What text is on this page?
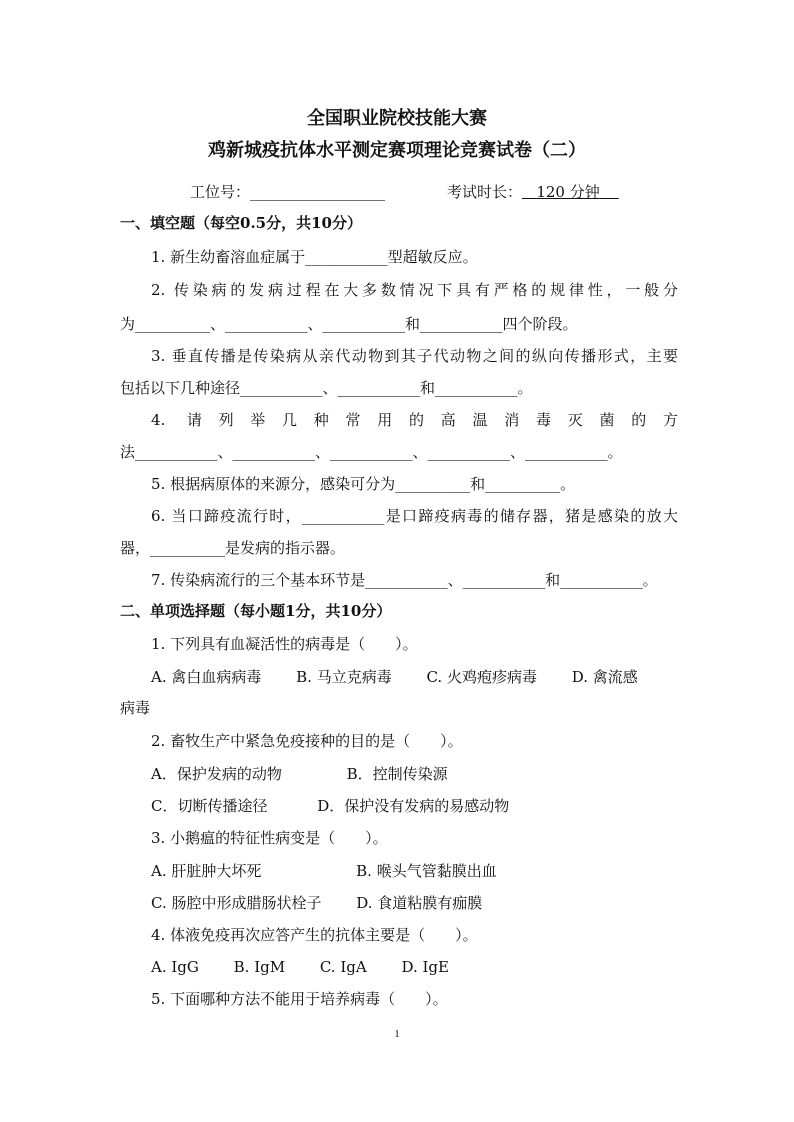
全国职业院校技能大赛
鸡新城疫抗体水平测定赛项理论竞赛试卷（二）
工位号：__________________	考试时长： 120 分钟
一、填空题（每空0.5分，共10分）
1. 新生幼畜溶血症属于___________型超敏反应。
2. 传染病的发病过程在大多数情况下具有严格的规律性，一般分
为__________、___________、___________和___________四个阶段。
3. 垂直传播是传染病从亲代动物到其子代动物之间的纵向传播形式，主要
包括以下几种途径___________、___________和___________。
4. 请列举几种常用的高温消毒灭菌的方
法___________、___________、___________、___________、___________。
5. 根据病原体的来源分，感染可分为__________和__________。
6. 当口蹄疫流行时，___________是口蹄疫病毒的储存器，猪是感染的放大
器，__________是发病的指示器。
7. 传染病流行的三个基本环节是___________、___________和___________。
二、单项选择题（每小题1分，共10分）
1. 下列具有血凝活性的病毒是（　　）。
A. 禽白血病病毒　　 B. 马立克病毒　　 C. 火鸡疱疹病毒　　 D. 禽流感
病毒
2. 畜牧生产中紧急免疫接种的目的是（　　）。
A．保护发病的动物　　　　 B．控制传染源
C．切断传播途径　　　 D．保护没有发病的易感动物
3. 小鹅瘟的特征性病变是（　　）。
A. 肝脏肿大坏死　　　　　　 B. 喉头气管黏膜出血
C. 肠腔中形成腊肠状栓子　　 D. 食道粘膜有痂膜
4. 体液免疫再次应答产生的抗体主要是（　　）。
A. IgG　　 B. IgM　　 C. IgA　　 D. IgE
5. 下面哪种方法不能用于培养病毒（　　）。
1
